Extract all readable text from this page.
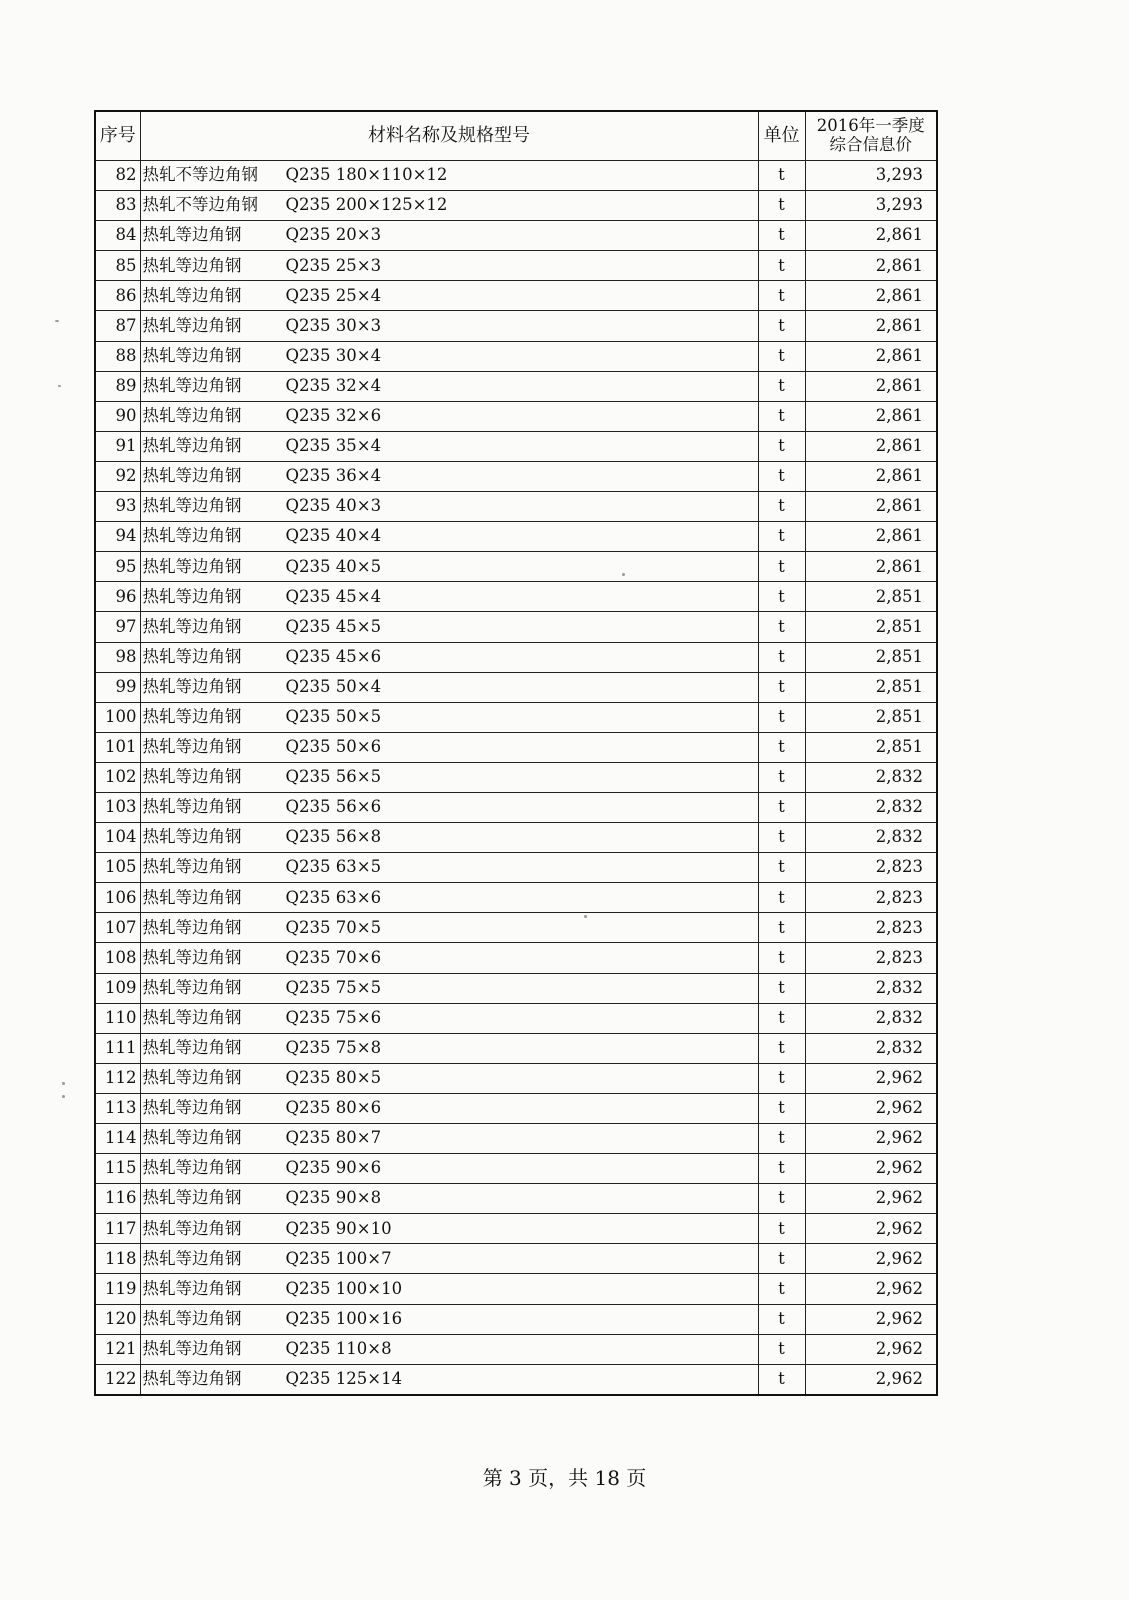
序号	材料名称及规格型号	单位	2016年一季度
综合信息价
82	热轧不等边角钢 Q235 180×110×12	t	3,293
83	热轧不等边角钢 Q235 200×125×12	t	3,293
84	热轧等边角钢 Q235 20×3	t	2,861
85	热轧等边角钢 Q235 25×3	t	2,861
86	热轧等边角钢 Q235 25×4	t	2,861
87	热轧等边角钢 Q235 30×3	t	2,861
88	热轧等边角钢 Q235 30×4	t	2,861
89	热轧等边角钢 Q235 32×4	t	2,861
90	热轧等边角钢 Q235 32×6	t	2,861
91	热轧等边角钢 Q235 35×4	t	2,861
92	热轧等边角钢 Q235 36×4	t	2,861
93	热轧等边角钢 Q235 40×3	t	2,861
94	热轧等边角钢 Q235 40×4	t	2,861
95	热轧等边角钢 Q235 40×5	t	2,861
96	热轧等边角钢 Q235 45×4	t	2,851
97	热轧等边角钢 Q235 45×5	t	2,851
98	热轧等边角钢 Q235 45×6	t	2,851
99	热轧等边角钢 Q235 50×4	t	2,851
100	热轧等边角钢 Q235 50×5	t	2,851
101	热轧等边角钢 Q235 50×6	t	2,851
102	热轧等边角钢 Q235 56×5	t	2,832
103	热轧等边角钢 Q235 56×6	t	2,832
104	热轧等边角钢 Q235 56×8	t	2,832
105	热轧等边角钢 Q235 63×5	t	2,823
106	热轧等边角钢 Q235 63×6	t	2,823
107	热轧等边角钢 Q235 70×5	t	2,823
108	热轧等边角钢 Q235 70×6	t	2,823
109	热轧等边角钢 Q235 75×5	t	2,832
110	热轧等边角钢 Q235 75×6	t	2,832
111	热轧等边角钢 Q235 75×8	t	2,832
112	热轧等边角钢 Q235 80×5	t	2,962
113	热轧等边角钢 Q235 80×6	t	2,962
114	热轧等边角钢 Q235 80×7	t	2,962
115	热轧等边角钢 Q235 90×6	t	2,962
116	热轧等边角钢 Q235 90×8	t	2,962
117	热轧等边角钢 Q235 90×10	t	2,962
118	热轧等边角钢 Q235 100×7	t	2,962
119	热轧等边角钢 Q235 100×10	t	2,962
120	热轧等边角钢 Q235 100×16	t	2,962
121	热轧等边角钢 Q235 110×8	t	2,962
122	热轧等边角钢 Q235 125×14	t	2,962
第 3 页，共 18 页
